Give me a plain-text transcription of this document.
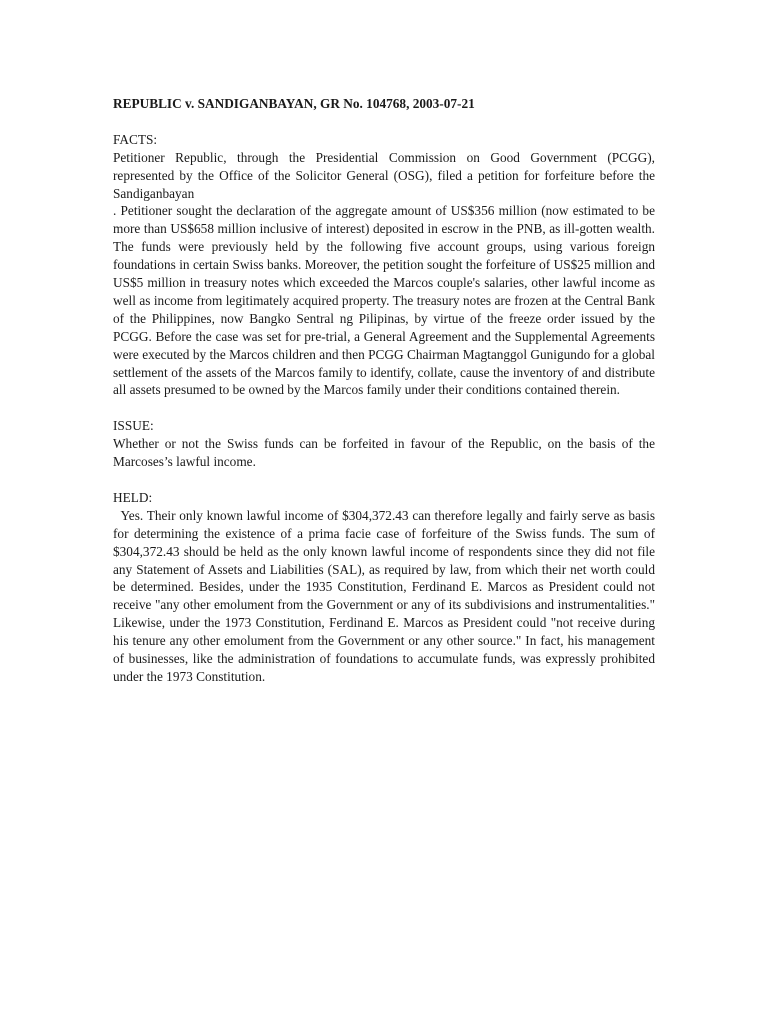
REPUBLIC v. SANDIGANBAYAN, GR No. 104768, 2003-07-21
FACTS:

Petitioner Republic, through the Presidential Commission on Good Government (PCGG), represented by the Office of the Solicitor General (OSG), filed a petition for forfeiture before the Sandiganbayan

. Petitioner sought the declaration of the aggregate amount of US$356 million (now estimated to be more than US$658 million inclusive of interest) deposited in escrow in the PNB, as ill-gotten wealth. The funds were previously held by the following five account groups, using various foreign foundations in certain Swiss banks. Moreover, the petition sought the forfeiture of US$25 million and US$5 million in treasury notes which exceeded the Marcos couple's salaries, other lawful income as well as income from legitimately acquired property. The treasury notes are frozen at the Central Bank of the Philippines, now Bangko Sentral ng Pilipinas, by virtue of the freeze order issued by the PCGG. Before the case was set for pre-trial, a General Agreement and the Supplemental Agreements were executed by the Marcos children and then PCGG Chairman Magtanggol Gunigundo for a global settlement of the assets of the Marcos family to identify, collate, cause the inventory of and distribute all assets presumed to be owned by the Marcos family under their conditions contained therein.

ISSUE:

Whether or not the Swiss funds can be forfeited in favour of the Republic, on the basis of the Marcoses’s lawful income.

HELD:

Yes. Their only known lawful income of $304,372.43 can therefore legally and fairly serve as basis for determining the existence of a prima facie case of forfeiture of the Swiss funds. The sum of $304,372.43 should be held as the only known lawful income of respondents since they did not file any Statement of Assets and Liabilities (SAL), as required by law, from which their net worth could be determined. Besides, under the 1935 Constitution, Ferdinand E. Marcos as President could not receive "any other emolument from the Government or any of its subdivisions and instrumentalities." Likewise, under the 1973 Constitution, Ferdinand E. Marcos as President could "not receive during his tenure any other emolument from the Government or any other source." In fact, his management of businesses, like the administration of foundations to accumulate funds, was expressly prohibited under the 1973 Constitution.
